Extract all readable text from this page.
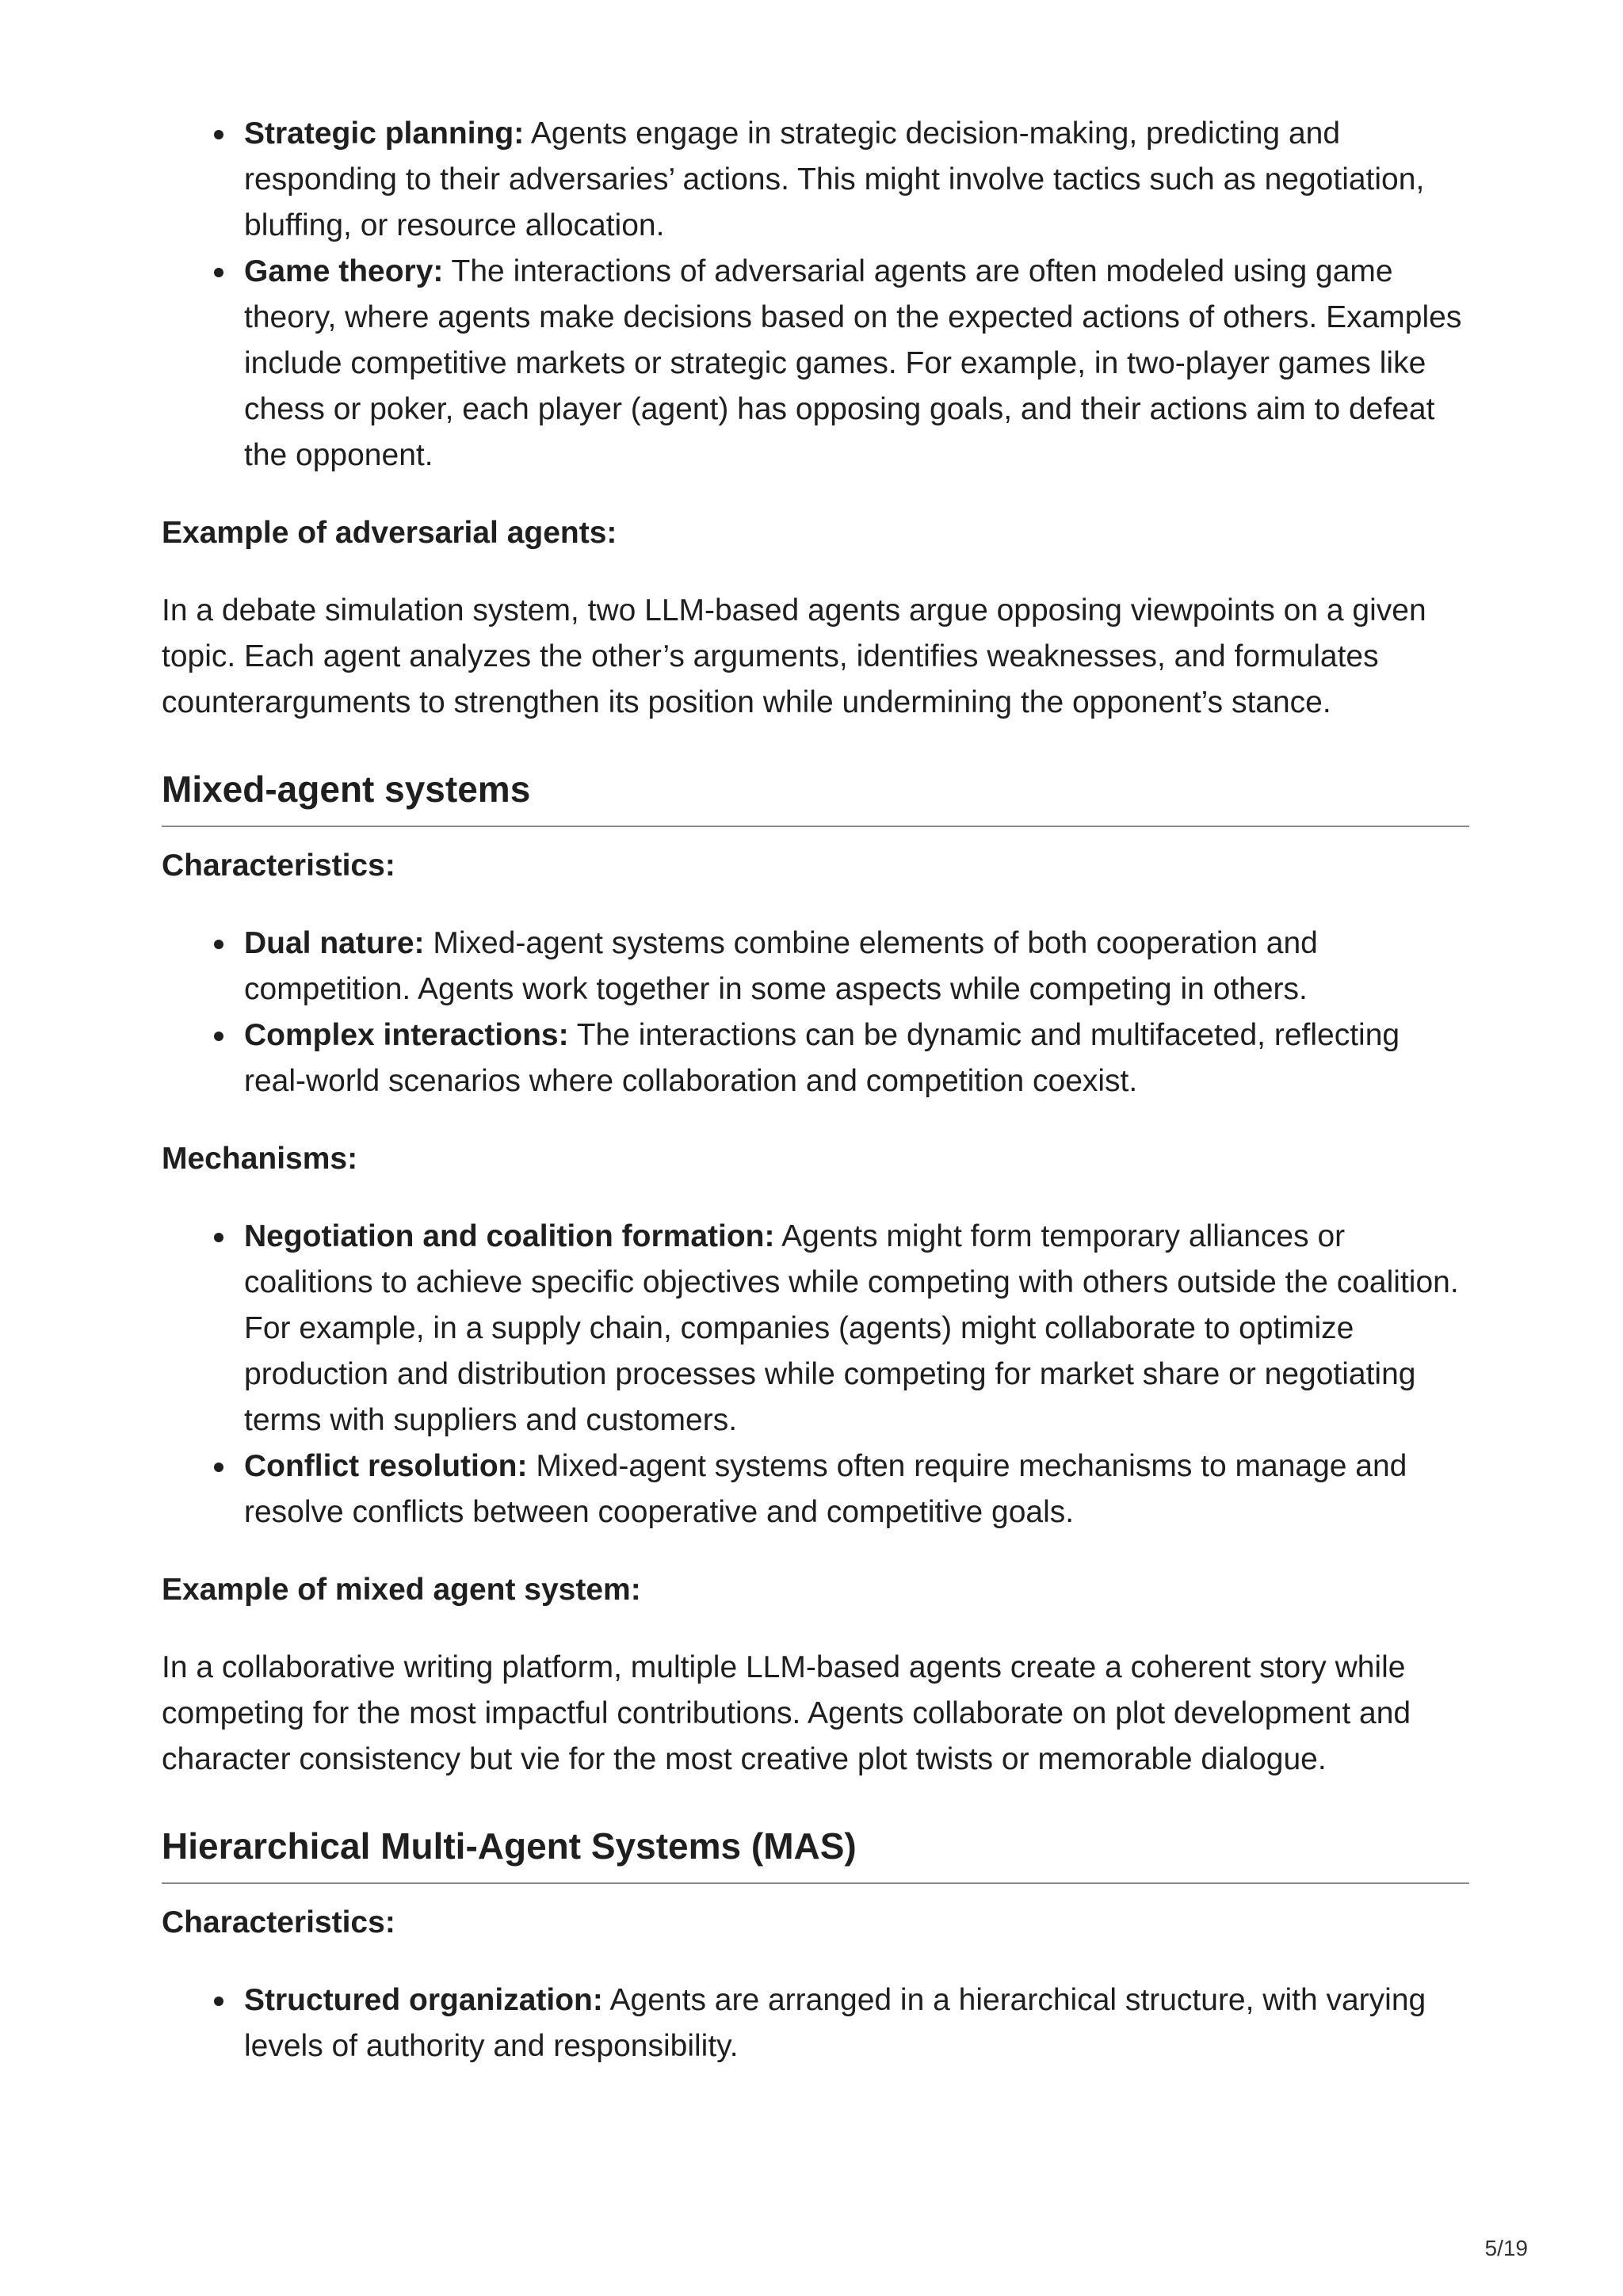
Strategic planning: Agents engage in strategic decision-making, predicting and responding to their adversaries’ actions. This might involve tactics such as negotiation, bluffing, or resource allocation.
Game theory: The interactions of adversarial agents are often modeled using game theory, where agents make decisions based on the expected actions of others. Examples include competitive markets or strategic games. For example, in two-player games like chess or poker, each player (agent) has opposing goals, and their actions aim to defeat the opponent.

Example of adversarial agents:

In a debate simulation system, two LLM-based agents argue opposing viewpoints on a given topic. Each agent analyzes the other’s arguments, identifies weaknesses, and formulates counterarguments to strengthen its position while undermining the opponent’s stance.

Mixed-agent systems

Characteristics:

Dual nature: Mixed-agent systems combine elements of both cooperation and competition. Agents work together in some aspects while competing in others.
Complex interactions: The interactions can be dynamic and multifaceted, reflecting real-world scenarios where collaboration and competition coexist.

Mechanisms:

Negotiation and coalition formation: Agents might form temporary alliances or coalitions to achieve specific objectives while competing with others outside the coalition. For example, in a supply chain, companies (agents) might collaborate to optimize production and distribution processes while competing for market share or negotiating terms with suppliers and customers.
Conflict resolution: Mixed-agent systems often require mechanisms to manage and resolve conflicts between cooperative and competitive goals.

Example of mixed agent system:

In a collaborative writing platform, multiple LLM-based agents create a coherent story while competing for the most impactful contributions. Agents collaborate on plot development and character consistency but vie for the most creative plot twists or memorable dialogue.

Hierarchical Multi-Agent Systems (MAS)

Characteristics:

Structured organization: Agents are arranged in a hierarchical structure, with varying levels of authority and responsibility.
5/19
